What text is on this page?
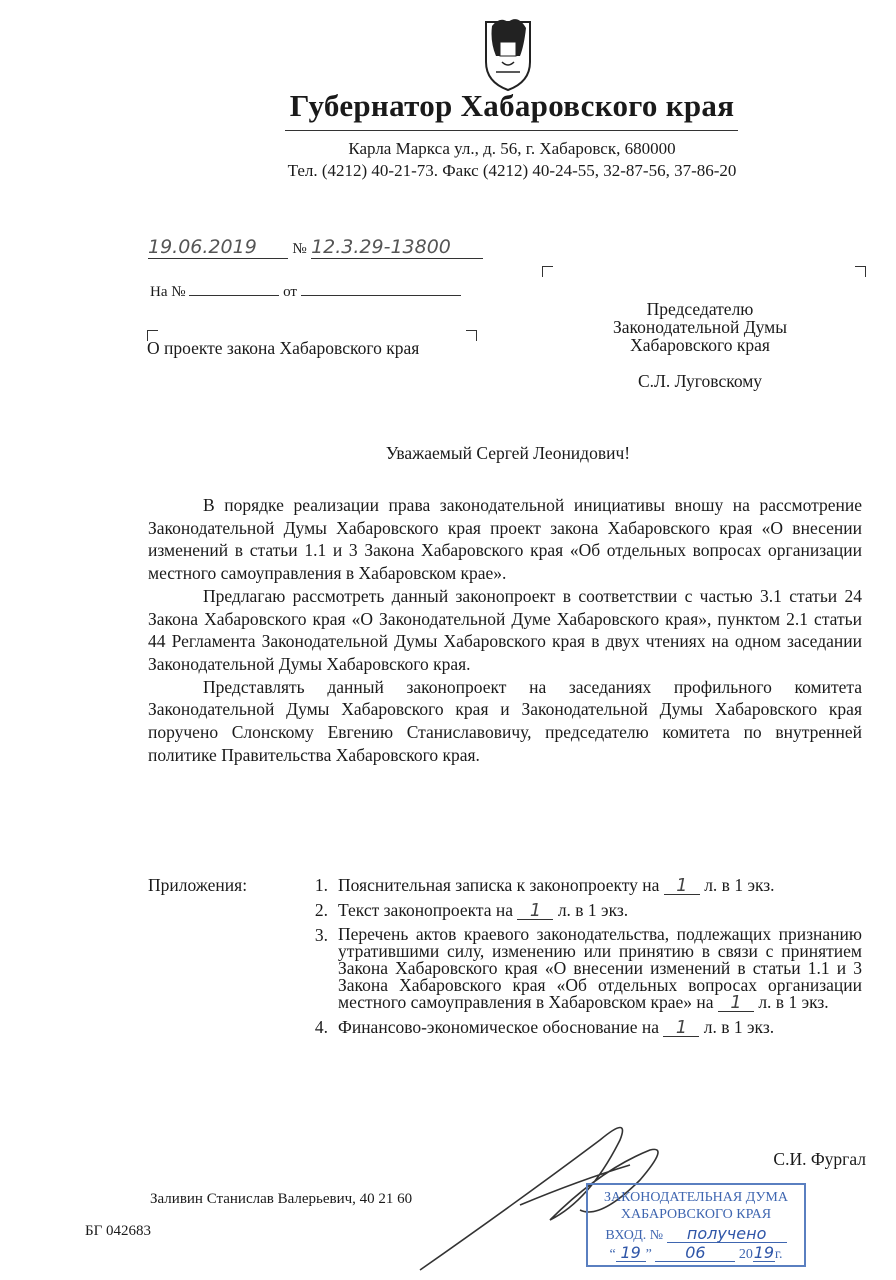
Губернатор Хабаровского края
Карла Маркса ул., д. 56, г. Хабаровск, 680000
Тел. (4212) 40-21-73. Факс (4212) 40-24-55, 32-87-56, 37-86-20
19.06.2019 № 12.3.29-13800
На №	от
О проекте закона Хабаровского края
Председателю
Законодательной Думы
Хабаровского края
С.Л. Луговскому
Уважаемый Сергей Леонидович!

В порядке реализации права законодательной инициативы вношу на рассмотрение Законодательной Думы Хабаровского края проект закона Хабаровского края «О внесении изменений в статьи 1.1 и 3 Закона Хабаровского края «Об отдельных вопросах организации местного самоуправления в Хабаровском крае».

Предлагаю рассмотреть данный законопроект в соответствии с частью 3.1 статьи 24 Закона Хабаровского края «О Законодательной Думе Хабаровского края», пунктом 2.1 статьи 44 Регламента Законодательной Думы Хабаровского края в двух чтениях на одном заседании Законодательной Думы Хабаровского края.

Представлять данный законопроект на заседаниях профильного комитета Законодательной Думы Хабаровского края и Законодательной Думы Хабаровского края поручено Слонскому Евгению Станиславовичу, председателю комитета по внутренней политике Правительства Хабаровского края.

Приложения:	1. Пояснительная записка к законопроекту на 1 л. в 1 экз.
2. Текст законопроекта на 1 л. в 1 экз.
3. Перечень актов краевого законодательства, подлежащих признанию утратившими силу, изменению или принятию в связи с принятием Закона Хабаровского края «О внесении изменений в статьи 1.1 и 3 Закона Хабаровского края «Об отдельных вопросах организации местного самоуправления в Хабаровском крае» на 1 л. в 1 экз.
4. Финансово-экономическое обоснование на 1 л. в 1 экз.
С.И. Фургал
Заливин Станислав Валерьевич, 40 21 60
БГ 042683
ЗАКОНОДАТЕЛЬНАЯ ДУМА
ХАБАРОВСКОГО КРАЯ
ВХОД. № получено
“ 19 ” 06 2019г.
